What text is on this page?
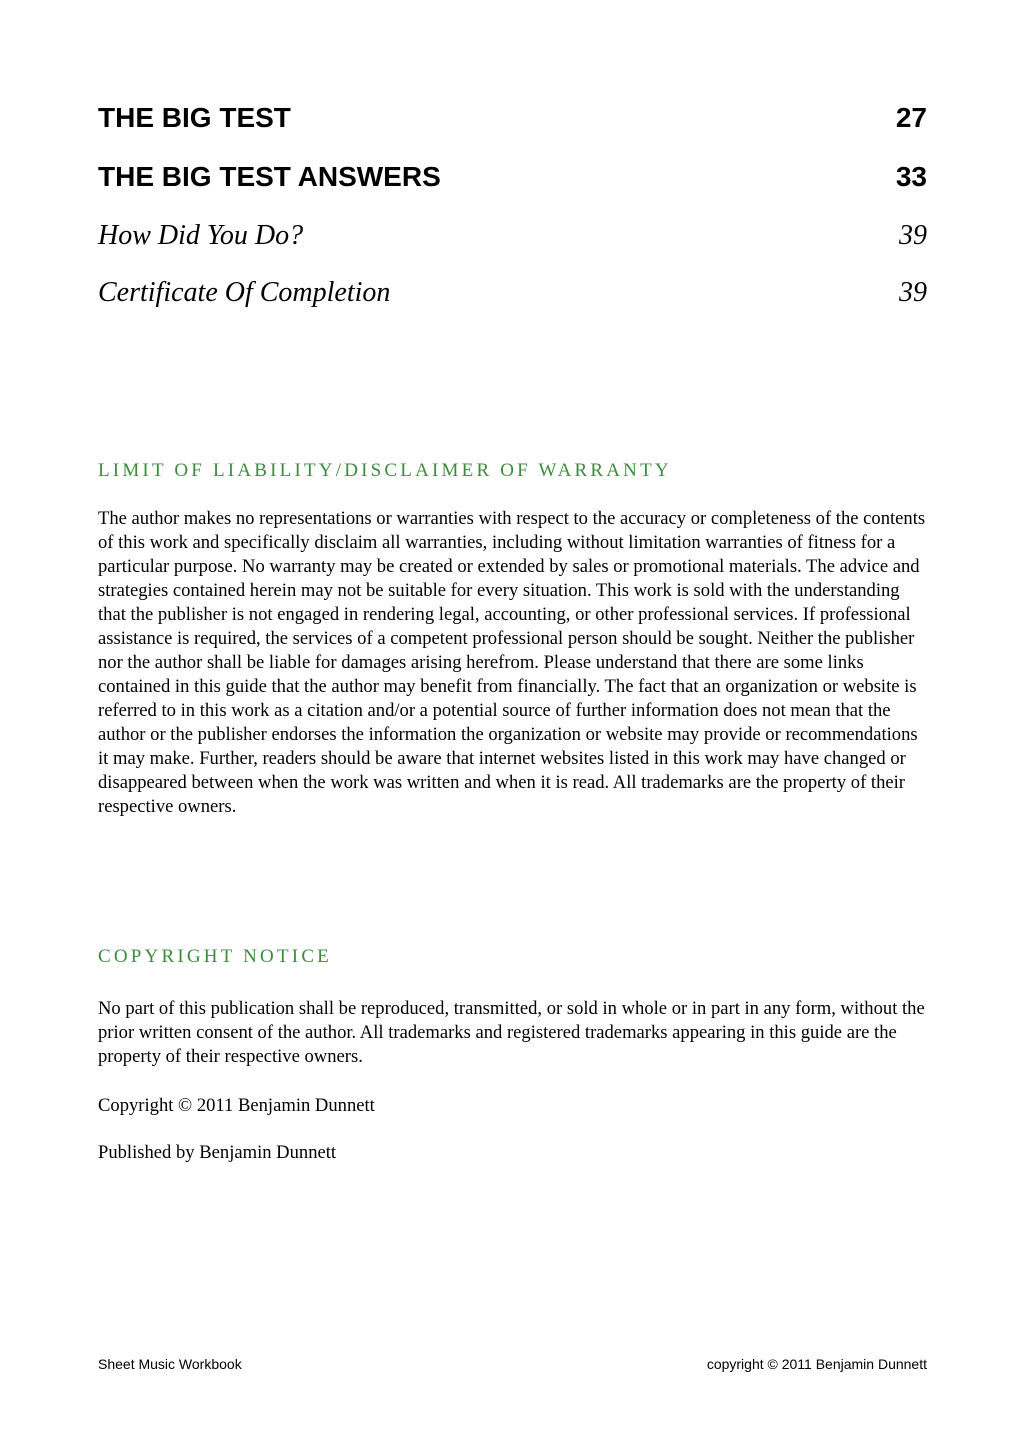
THE BIG TEST	27
THE BIG TEST ANSWERS	33
How Did You Do?	39
Certificate Of Completion	39
LIMIT OF LIABILITY/DISCLAIMER OF WARRANTY

The author makes no representations or warranties with respect to the accuracy or completeness of the contents of this work and specifically disclaim all warranties, including without limitation warranties of fitness for a particular purpose. No warranty may be created or extended by sales or promotional materials. The advice and strategies contained herein may not be suitable for every situation. This work is sold with the understanding that the publisher is not engaged in rendering legal, accounting, or other professional services. If professional assistance is required, the services of a competent professional person should be sought. Neither the publisher nor the author shall be liable for damages arising herefrom. Please understand that there are some links contained in this guide that the author may benefit from financially. The fact that an organization or website is referred to in this work as a citation and/or a potential source of further information does not mean that the author or the publisher endorses the information the organization or website may provide or recommendations it may make. Further, readers should be aware that internet websites listed in this work may have changed or disappeared between when the work was written and when it is read. All trademarks are the property of their respective owners.

COPYRIGHT NOTICE

No part of this publication shall be reproduced, transmitted, or sold in whole or in part in any form, without the prior written consent of the author. All trademarks and registered trademarks appearing in this guide are the property of their respective owners.

Copyright © 2011 Benjamin Dunnett

Published by Benjamin Dunnett

Sheet Music Workbook	copyright © 2011 Benjamin Dunnett
